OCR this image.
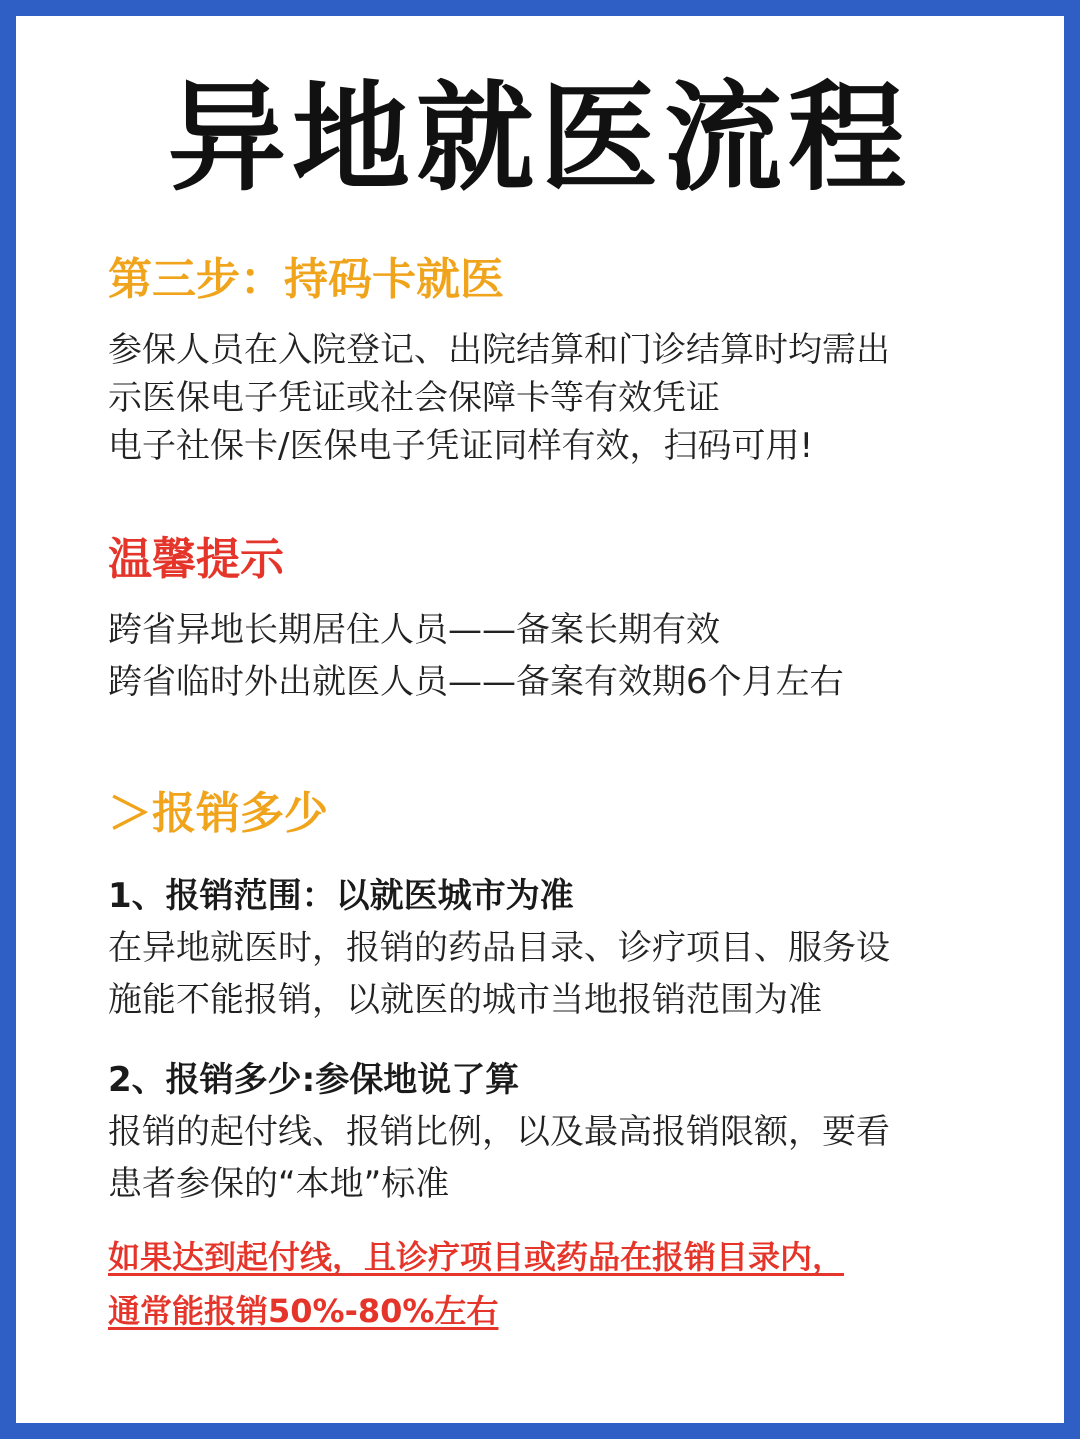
异地就医流程
第三步：持码卡就医
参保人员在入院登记、出院结算和门诊结算时均需出
示医保电子凭证或社会保障卡等有效凭证
电子社保卡/医保电子凭证同样有效，扫码可用!
温馨提示
跨省异地长期居住人员——备案长期有效
跨省临时外出就医人员——备案有效期6个月左右
＞报销多少
1、报销范围：以就医城市为准
在异地就医时，报销的药品目录、诊疗项目、服务设
施能不能报销，以就医的城市当地报销范围为准
2、报销多少:参保地说了算
报销的起付线、报销比例，以及最高报销限额，要看
患者参保的“本地”标准
如果达到起付线，且诊疗项目或药品在报销目录内，
通常能报销50%-80%左右
